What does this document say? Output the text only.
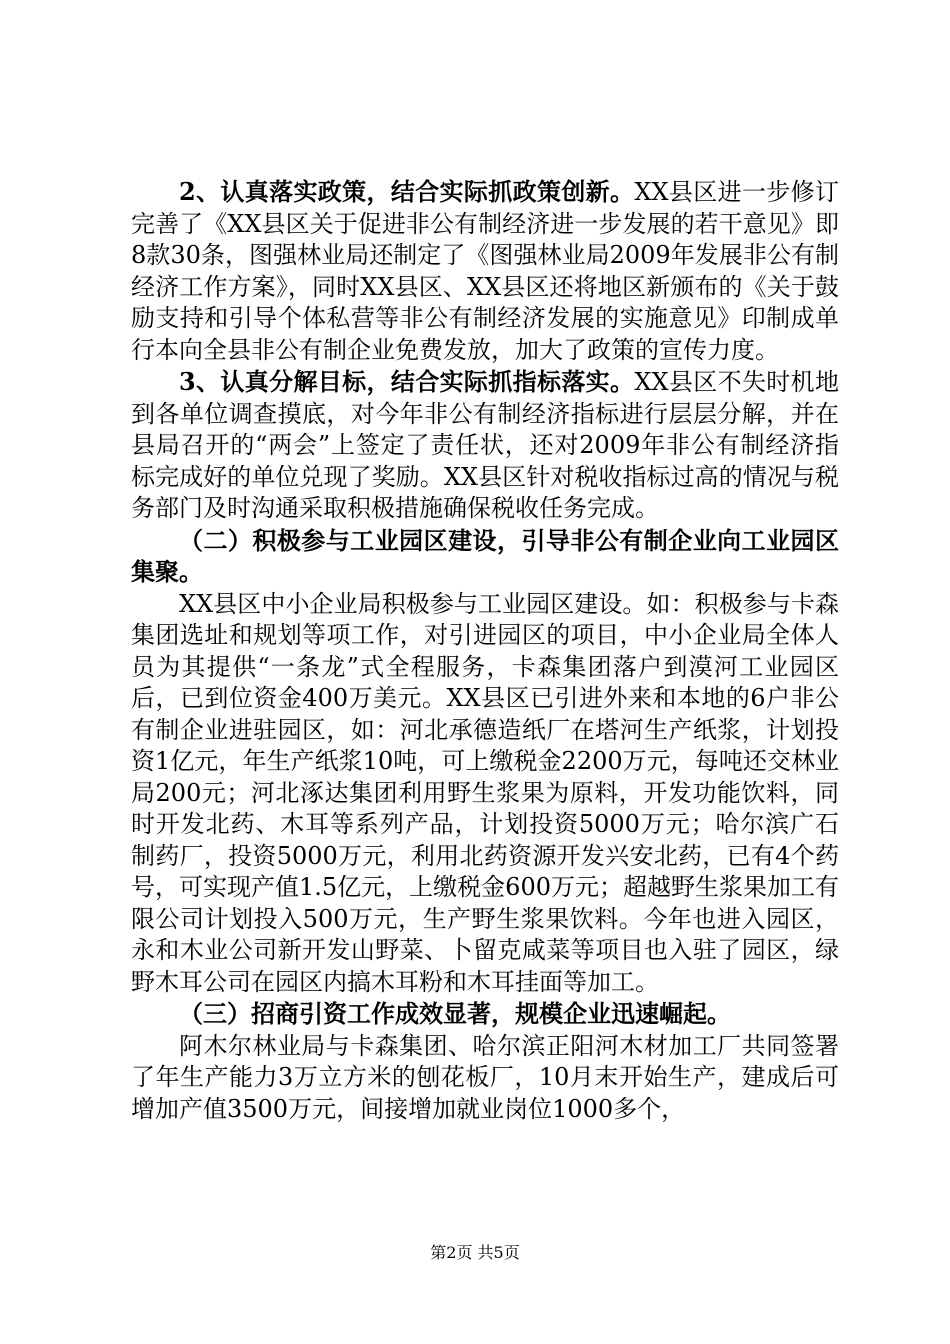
2、认真落实政策，结合实际抓政策创新。XX县区进一步修订完善了《XX县区关于促进非公有制经济进一步发展的若干意见》即8款30条，图强林业局还制定了《图强林业局2009年发展非公有制经济工作方案》，同时XX县区、XX县区还将地区新颁布的《关于鼓励支持和引导个体私营等非公有制经济发展的实施意见》印制成单行本向全县非公有制企业免费发放，加大了政策的宣传力度。

3、认真分解目标，结合实际抓指标落实。XX县区不失时机地到各单位调查摸底，对今年非公有制经济指标进行层层分解，并在县局召开的“两会”上签定了责任状，还对2009年非公有制经济指标完成好的单位兑现了奖励。XX县区针对税收指标过高的情况与税务部门及时沟通采取积极措施确保税收任务完成。

（二）积极参与工业园区建设，引导非公有制企业向工业园区集聚。

XX县区中小企业局积极参与工业园区建设。如：积极参与卡森集团选址和规划等项工作，对引进园区的项目，中小企业局全体人员为其提供“一条龙”式全程服务，卡森集团落户到漠河工业园区后，已到位资金400万美元。XX县区已引进外来和本地的6户非公有制企业进驻园区，如：河北承德造纸厂在塔河生产纸浆，计划投资1亿元，年生产纸浆10吨，可上缴税金2200万元，每吨还交林业局200元；河北涿达集团利用野生浆果为原料，开发功能饮料，同时开发北药、木耳等系列产品，计划投资5000万元；哈尔滨广石制药厂，投资5000万元，利用北药资源开发兴安北药，已有4个药号，可实现产值1.5亿元，上缴税金600万元；超越野生浆果加工有限公司计划投入500万元，生产野生浆果饮料。今年也进入园区，永和木业公司新开发山野菜、卜留克咸菜等项目也入驻了园区，绿野木耳公司在园区内搞木耳粉和木耳挂面等加工。

（三）招商引资工作成效显著，规模企业迅速崛起。

阿木尔林业局与卡森集团、哈尔滨正阳河木材加工厂共同签署了年生产能力3万立方米的刨花板厂，10月末开始生产，建成后可增加产值3500万元，间接增加就业岗位1000多个，

第2页 共5页
